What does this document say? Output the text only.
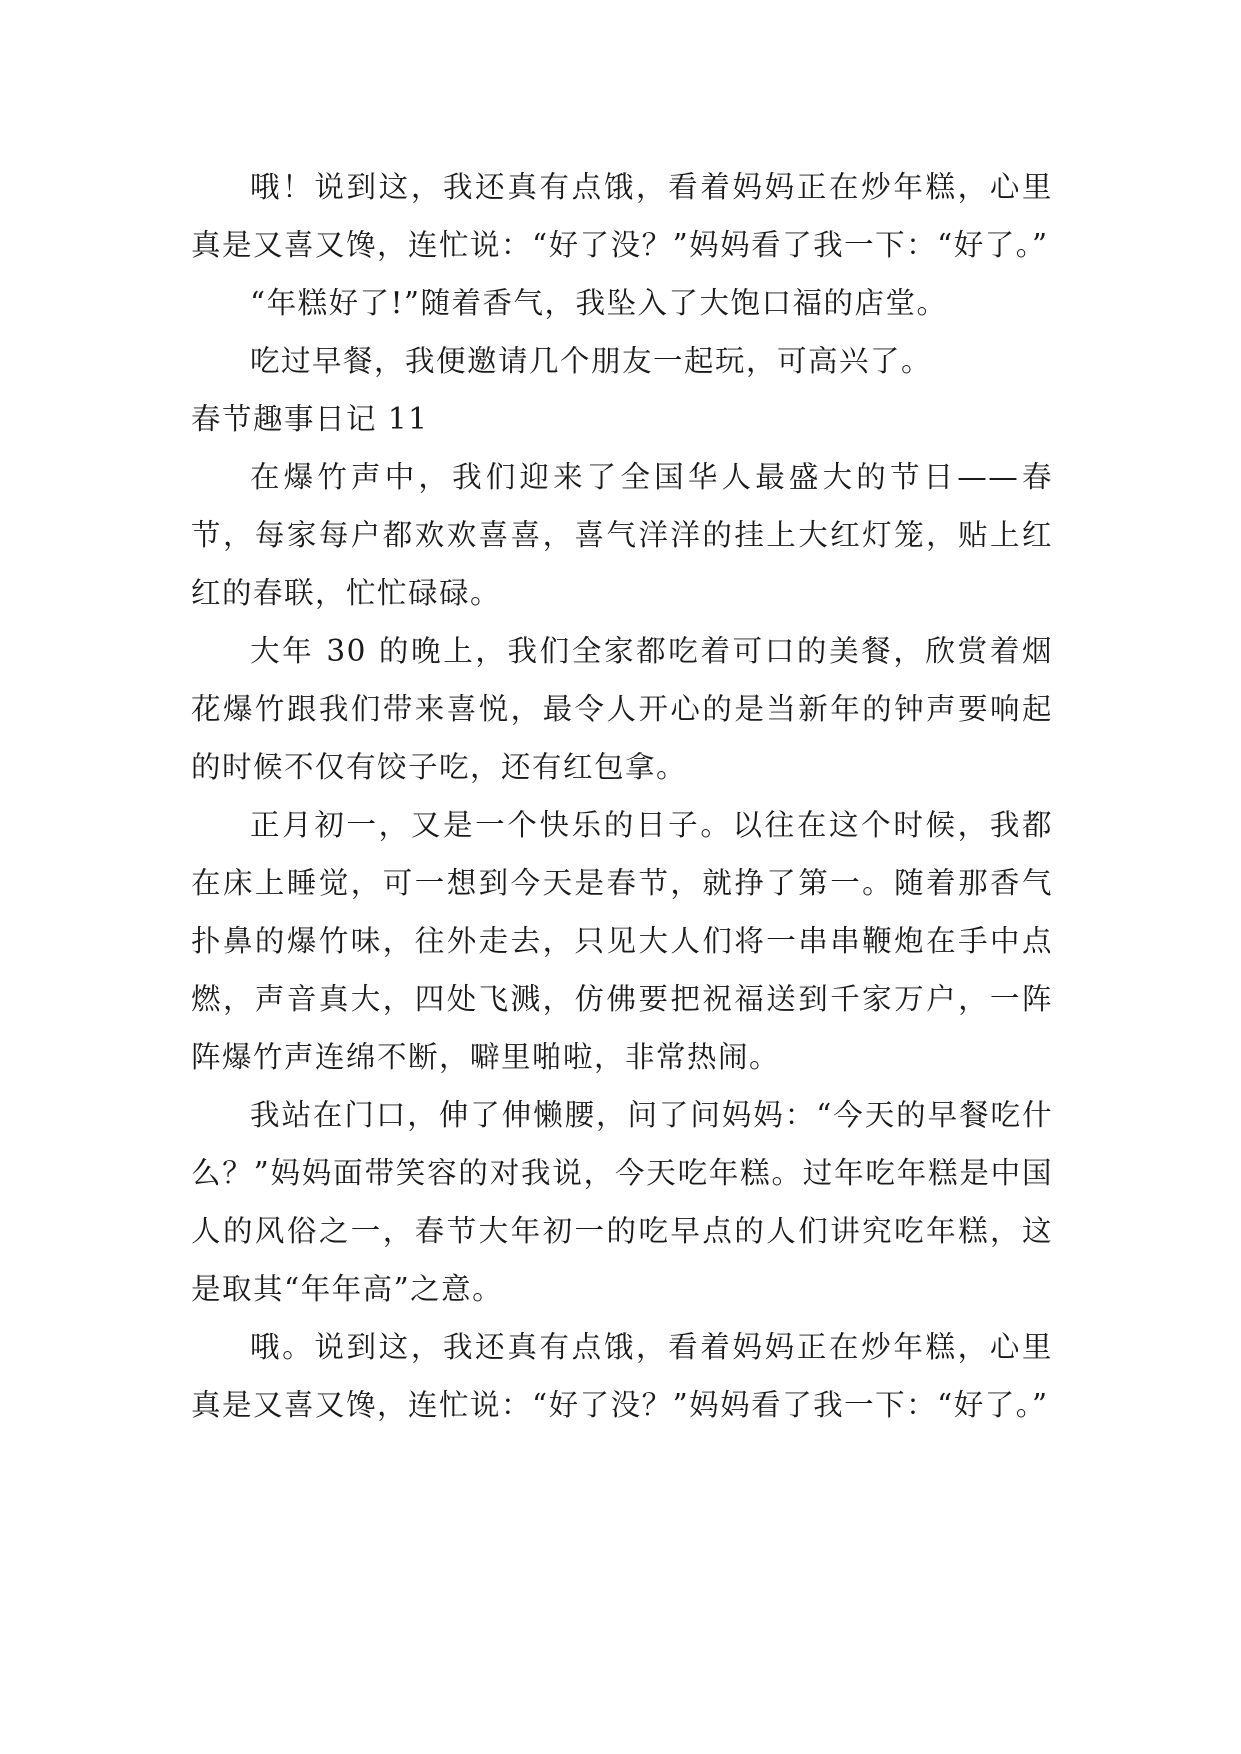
哦！说到这，我还真有点饿，看着妈妈正在炒年糕，心里真是又喜又馋，连忙说：“好了没？”妈妈看了我一下：“好了。”

“年糕好了!”随着香气，我坠入了大饱口福的店堂。

吃过早餐，我便邀请几个朋友一起玩，可高兴了。

春节趣事日记 11

在爆竹声中，我们迎来了全国华人最盛大的节日——春节，每家每户都欢欢喜喜，喜气洋洋的挂上大红灯笼，贴上红红的春联，忙忙碌碌。

大年 30 的晚上，我们全家都吃着可口的美餐，欣赏着烟花爆竹跟我们带来喜悦，最令人开心的是当新年的钟声要响起的时候不仅有饺子吃，还有红包拿。

正月初一，又是一个快乐的日子。以往在这个时候，我都在床上睡觉，可一想到今天是春节，就挣了第一。随着那香气扑鼻的爆竹味，往外走去，只见大人们将一串串鞭炮在手中点燃，声音真大，四处飞溅，仿佛要把祝福送到千家万户，一阵阵爆竹声连绵不断，噼里啪啦，非常热闹。

我站在门口，伸了伸懒腰，问了问妈妈：“今天的早餐吃什么？”妈妈面带笑容的对我说，今天吃年糕。过年吃年糕是中国人的风俗之一，春节大年初一的吃早点的人们讲究吃年糕，这是取其“年年高”之意。

哦。说到这，我还真有点饿，看着妈妈正在炒年糕，心里真是又喜又馋，连忙说：“好了没？”妈妈看了我一下：“好了。”
